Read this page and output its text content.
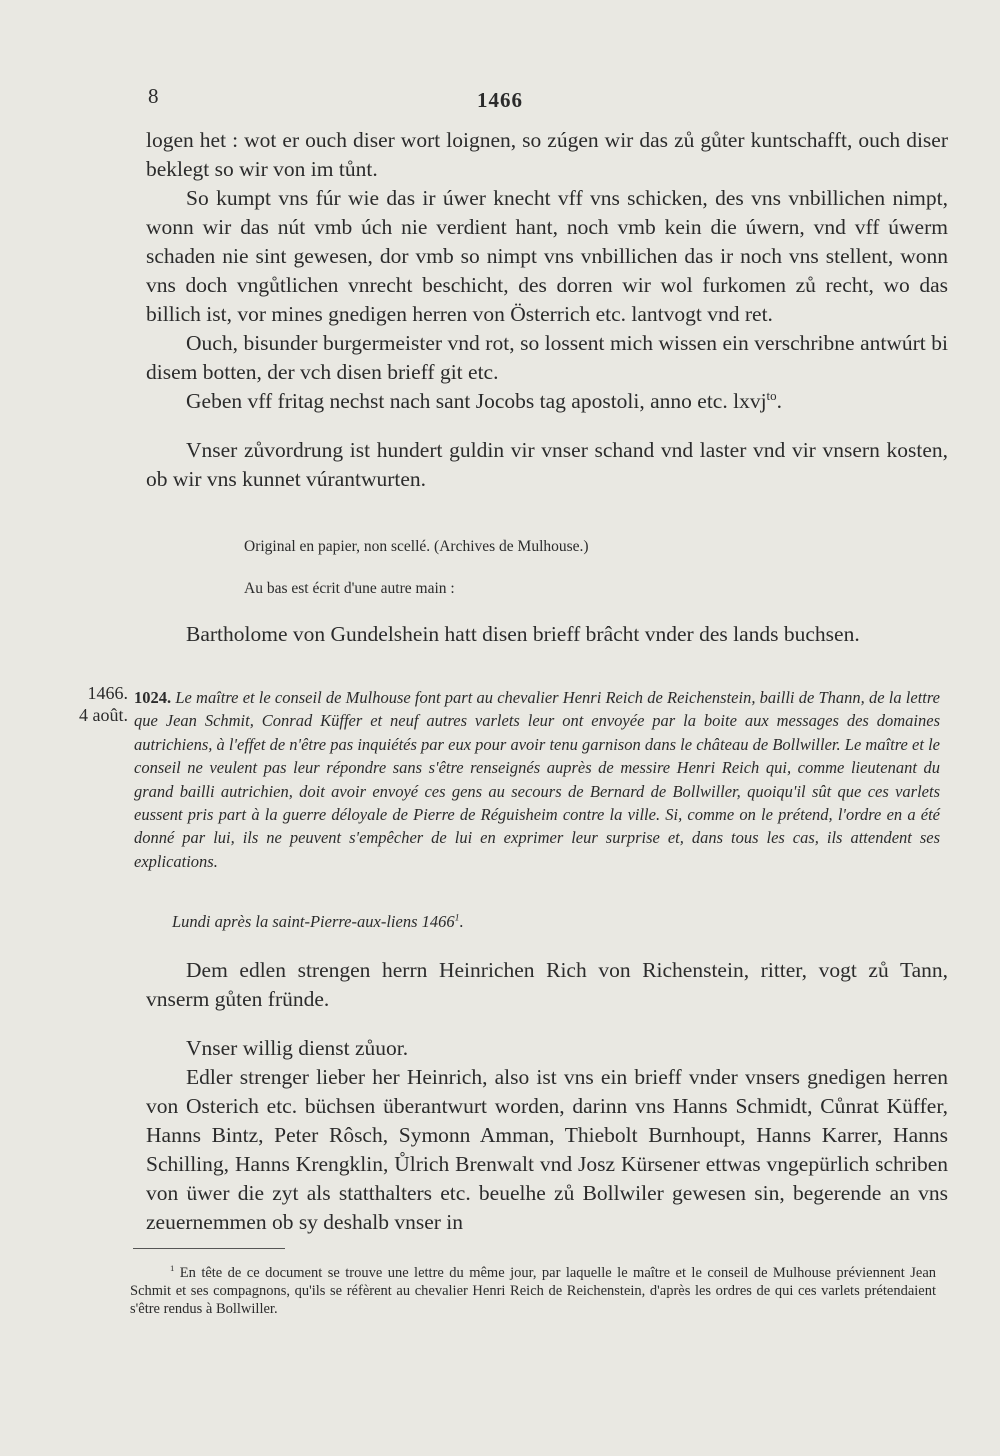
8	1466

logen het : wot er ouch diser wort loignen, so zúgen wir das zů gůter kuntschafft, ouch diser beklegt so wir von im tůnt.

So kumpt vns fúr wie das ir úwer knecht vff vns schicken, des vns vnbillichen nimpt, wonn wir das nút vmb úch nie verdient hant, noch vmb kein die úwern, vnd vff úwerm schaden nie sint gewesen, dor vmb so nimpt vns vnbillichen das ir noch vns stellent, wonn vns doch vngůtlichen vnrecht beschicht, des dorren wir wol furkomen zů recht, wo das billich ist, vor mines gnedigen herren von Österrich etc. lantvogt vnd ret.

Ouch, bisunder burgermeister vnd rot, so lossent mich wissen ein verschribne antwúrt bi disem botten, der vch disen brieff git etc.

Geben vff fritag nechst nach sant Jocobs tag apostoli, anno etc. lxvj$^{to}$.

Vnser zůvordrung ist hundert guldin vir vnser schand vnd laster vnd vir vnsern kosten, ob wir vns kunnet vúrantwurten.

Original en papier, non scellé. (Archives de Mulhouse.)
Au bas est écrit d'une autre main :

Bartholome von Gundelshein hatt disen brieff brâcht vnder des lands buchsen.

1466.
4 août.
1024. Le maître et le conseil de Mulhouse font part au chevalier Henri Reich de Reichenstein, bailli de Thann, de la lettre que Jean Schmit, Conrad Küffer et neuf autres varlets leur ont envoyée par la boite aux messages des domaines autrichiens, à l'effet de n'être pas inquiétés par eux pour avoir tenu garnison dans le château de Bollwiller. Le maître et le conseil ne veulent pas leur répondre sans s'être renseignés auprès de messire Henri Reich qui, comme lieutenant du grand bailli autrichien, doit avoir envoyé ces gens au secours de Bernard de Bollwiller, quoiqu'il sût que ces varlets eussent pris part à la guerre déloyale de Pierre de Réguisheim contre la ville. Si, comme on le prétend, l'ordre en a été donné par lui, ils ne peuvent s'empêcher de lui en exprimer leur surprise et, dans tous les cas, ils attendent ses explications.
Lundi après la saint-Pierre-aux-liens 1466$^1$.

Dem edlen strengen herrn Heinrichen Rich von Richenstein, ritter, vogt zů Tann, vnserm gůten fründe.

Vnser willig dienst zůuor.

Edler strenger lieber her Heinrich, also ist vns ein brieff vnder vnsers gnedigen herren von Osterich etc. büchsen überantwurt worden, darinn vns Hanns Schmidt, Cůnrat Küffer, Hanns Bintz, Peter Rôsch, Symonn Amman, Thiebolt Burnhoupt, Hanns Karrer, Hanns Schilling, Hanns Krengklin, Ůlrich Brenwalt vnd Josz Kürsener ettwas vngepürlich schriben von üwer die zyt als statthalters etc. beuelhe zů Bollwiler gewesen sin, begerende an vns zeuernemmen ob sy deshalb vnser in

$^1$ En tête de ce document se trouve une lettre du même jour, par laquelle le maître et le conseil de Mulhouse préviennent Jean Schmit et ses compagnons, qu'ils se réfèrent au chevalier Henri Reich de Reichenstein, d'après les ordres de qui ces varlets prétendaient s'être rendus à Bollwiller.
